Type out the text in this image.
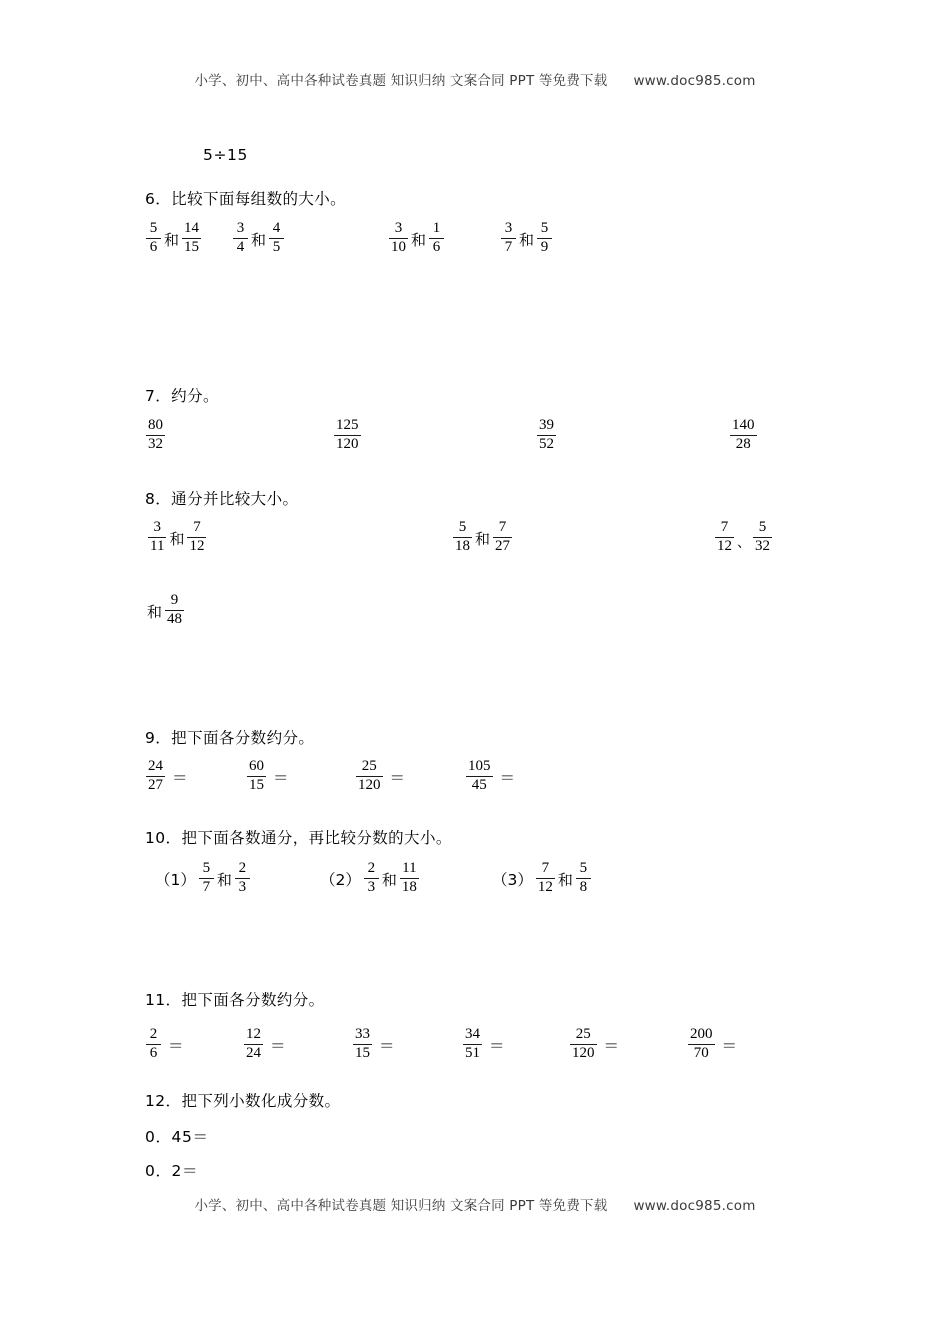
小学、初中、高中各种试卷真题 知识归纳 文案合同 PPT 等免费下载 www.doc985.com
5÷15
6．比较下面每组数的大小。
$\frac{5}{6}$ 和 $\frac{14}{15} \frac{3}{4}$ 和 $\frac{4}{5}$	$\frac{3}{10}$ 和 $\frac{1}{6}$	$\frac{3}{7}$ 和 $\frac{5}{9}$
7．约分。
$\frac{80}{32}$	$\frac{125}{120}$	$\frac{39}{52}$	$\frac{140}{28}$
8．通分并比较大小。
$\frac{3}{11}$ 和 $\frac{7}{12}$	$\frac{5}{18}$ 和 $\frac{7}{27}$	$\frac{7}{12}$ 、 $\frac{5}{32}$
和 $\frac{9}{48}$
9．把下面各分数约分。
$\frac{24}{27}$ ＝	$\frac{60}{15}$ ＝	$\frac{25}{120}$ ＝	$\frac{105}{45}$ ＝
10．把下面各数通分，再比较分数的大小。
$(1) \frac{5}{7}$ 和 $\frac{2}{3}$	$(2) \frac{2}{3}$ 和 $\frac{11}{18}$	$(3) \frac{7}{12}$ 和 $\frac{5}{8}$
11．把下面各分数约分。
$\frac{2}{6}$ ＝	$\frac{12}{24}$ ＝	$\frac{33}{15}$ ＝	$\frac{34}{51}$ ＝	$\frac{25}{120}$ ＝	$\frac{200}{70}$ ＝
12．把下列小数化成分数。
0．45＝
0．2＝
小学、初中、高中各种试卷真题 知识归纳 文案合同 PPT 等免费下载 www.doc985.com
